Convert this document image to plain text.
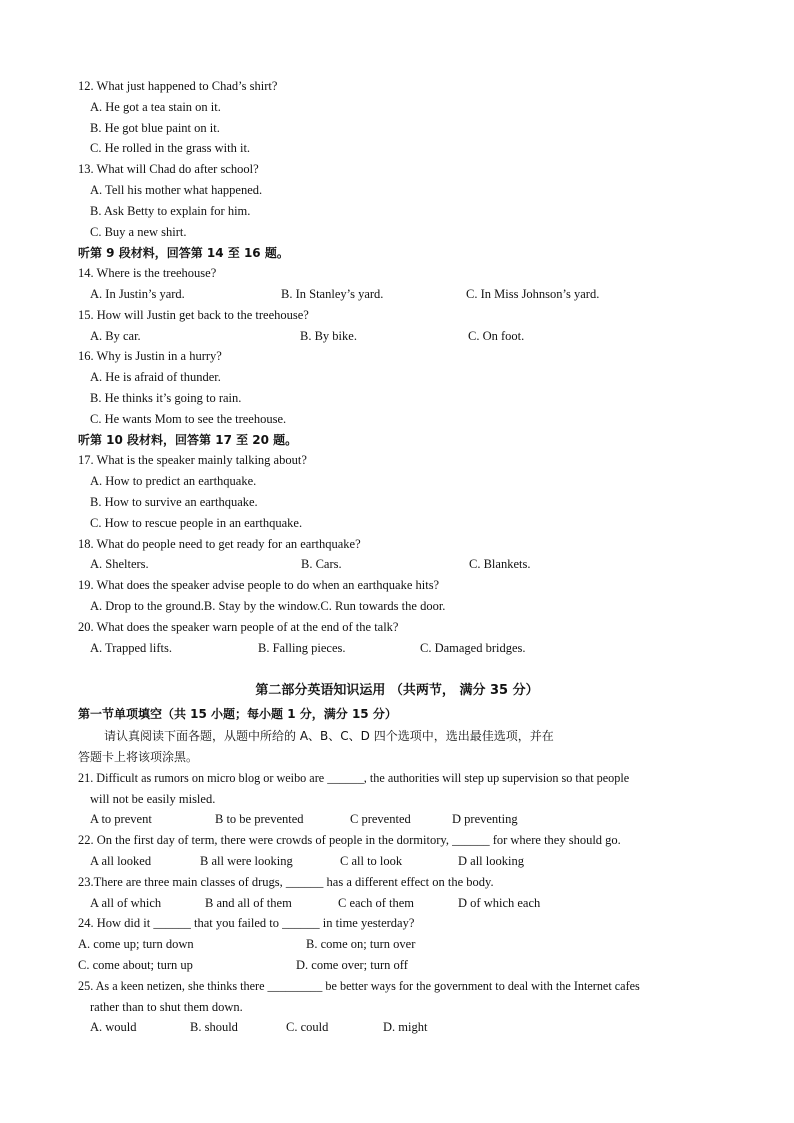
12. What just happened to Chad’s shirt?
A. He got a tea stain on it.
B. He got blue paint on it.
C. He rolled in the grass with it.
13. What will Chad do after school?
A. Tell his mother what happened.
B. Ask Betty to explain for him.
C. Buy a new shirt.
听第 9 段材料，回答第 14 至 16 题。
14. Where is the treehouse?
A. In Justin’s yard.	B. In Stanley’s yard.	C. In Miss Johnson’s yard.
15. How will Justin get back to the treehouse?
A. By car.	B. By bike.	C. On foot.
16. Why is Justin in a hurry?
A. He is afraid of thunder.
B. He thinks it’s going to rain.
C. He wants Mom to see the treehouse.
听第 10 段材料，回答第 17 至 20 题。
17. What is the speaker mainly talking about?
A. How to predict an earthquake.
B. How to survive an earthquake.
C. How to rescue people in an earthquake.
18. What do people need to get ready for an earthquake?
A. Shelters.	B. Cars.	C. Blankets.
19. What does the speaker advise people to do when an earthquake hits?
A. Drop to the ground.B. Stay by the window.C. Run towards the door.
20. What does the speaker warn people of at the end of the talk?
A. Trapped lifts.	B. Falling pieces.	C. Damaged bridges.
第二部分英语知识运用 （共两节， 满分 35 分）
第一节单项填空（共 15 小题；每小题 1 分，满分 15 分）
请认真阅读下面各题，从题中所给的 A、B、C、D 四个选项中，选出最佳选项，并在
答题卡上将该项涂黑。
21. Difficult as rumors on micro blog or weibo are ______, the authorities will step up supervision so that people
will not be easily misled.
A to prevent	B to be prevented	C prevented	D preventing
22. On the first day of term, there were crowds of people in the dormitory, ______ for where they should go.
A all looked	B all were looking	C all to look	D all looking
23.There are three main classes of drugs, ______ has a different effect on the body.
A all of which	B and all of them	C each of them	D of which each
24. How did it ______ that you failed to ______ in time yesterday?
A. come up; turn down	B. come on; turn over
C. come about; turn up	D. come over; turn off
25. As a keen netizen, she thinks there _________ be better ways for the government to deal with the Internet cafes
rather than to shut them down.
A. would	B. should	C. could	D. might
